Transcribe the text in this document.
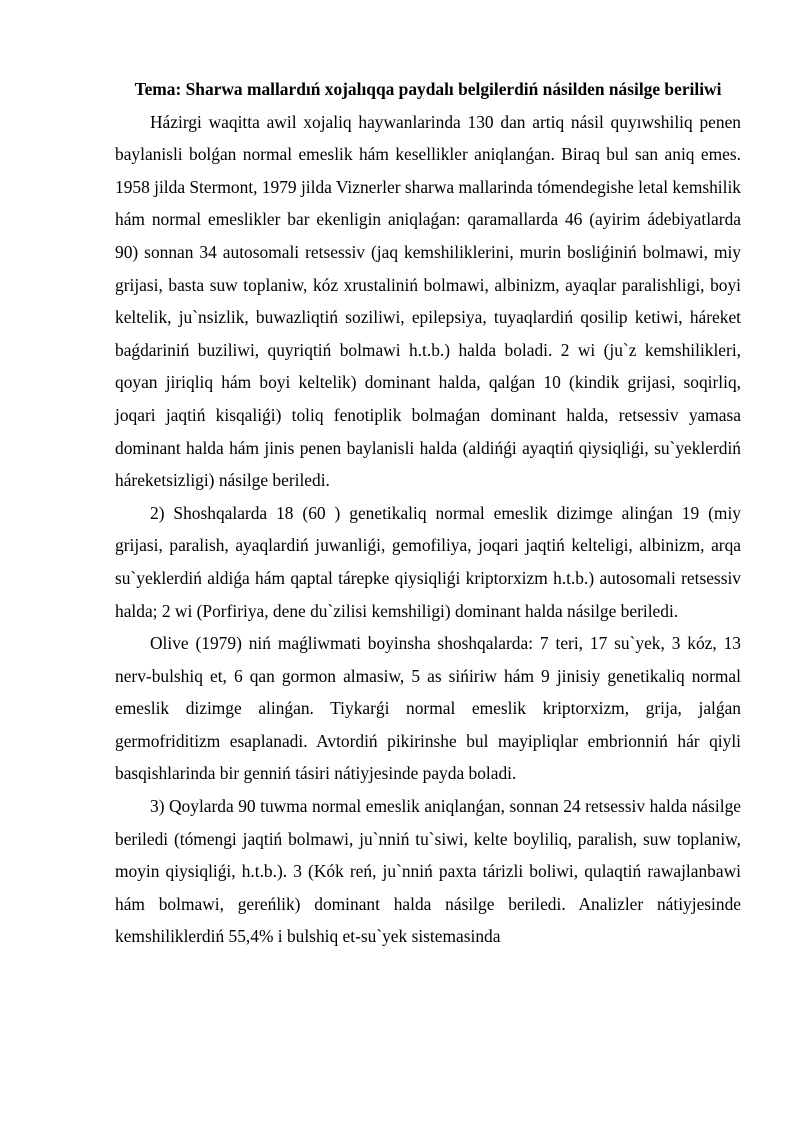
Tema: Sharwa mallardıń xojalıqqa paydalı belgilerdiń násilden násilge beriliwi

Házirgi waqitta awil xojaliq haywanlarinda 130 dan artiq násil quyıwshiliq penen baylanisli bolǵan normal emeslik hám kesellikler aniqlanǵan. Biraq bul san aniq emes. 1958 jilda Stermont, 1979 jilda Viznerler sharwa mallarinda tómendegishe letal kemshilik hám normal emeslikler bar ekenligin aniqlaǵan: qaramallarda 46 (ayirim ádebiyatlarda 90) sonnan 34 autosomali retsessiv (jaq kemshiliklerini, murin bosliǵiniń bolmawi, miy grijasi, basta suw toplaniw, kóz xrustaliniń bolmawi, albinizm, ayaqlar paralishligi, boyi keltelik, ju`nsizlik, buwazliqtiń soziliwi, epilepsiya, tuyaqlardiń qosilip ketiwi, háreket baǵdariniń buziliwi, quyriqtiń bolmawi h.t.b.) halda boladi. 2 wi (ju`z kemshilikleri, qoyan jiriqliq hám boyi keltelik) dominant halda, qalǵan 10 (kindik grijasi, soqirliq, joqari jaqtiń kisqaliǵi) toliq fenotiplik bolmaǵan dominant halda, retsessiv yamasa dominant halda hám jinis penen baylanisli halda (aldińǵi ayaqtiń qiysiqliǵi, su`yeklerdiń háreketsizligi) násilge beriledi.

2) Shoshqalarda 18 (60 ) genetikaliq normal emeslik dizimge alinǵan 19 (miy grijasi, paralish, ayaqlardiń juwanliǵi, gemofiliya, joqari jaqtiń kelteligi, albinizm, arqa su`yeklerdiń aldiǵa hám qaptal tárepke qiysiqliǵi kriptorxizm h.t.b.) autosomali retsessiv halda; 2 wi (Porfiriya, dene du`zilisi kemshiligi) dominant halda násilge beriledi.

Olive (1979) niń maǵliwmati boyinsha shoshqalarda: 7 teri, 17 su`yek, 3 kóz, 13 nerv-bulshiq et, 6 qan gormon almasiw, 5 as sińiriw hám 9 jinisiy genetikaliq normal emeslik dizimge alinǵan. Tiykarǵi normal emeslik kriptorxizm, grija, jalǵan germofriditizm esaplanadi. Avtordiń pikirinshe bul mayipliqlar embrionniń hár qiyli basqishlarinda bir genniń tásiri nátiyjesinde payda boladi.

3) Qoylarda 90 tuwma normal emeslik aniqlanǵan, sonnan 24 retsessiv halda násilge beriledi (tómengi jaqtiń bolmawi, ju`nniń tu`siwi, kelte boyliliq, paralish, suw toplaniw, moyin qiysiqliǵi, h.t.b.). 3 (Kók reń, ju`nniń paxta tárizli boliwi, qulaqtiń rawajlanbawi hám bolmawi, gereńlik) dominant halda násilge beriledi. Analizler nátiyjesinde kemshiliklerdiń 55,4% i bulshiq et-su`yek sistemasinda
